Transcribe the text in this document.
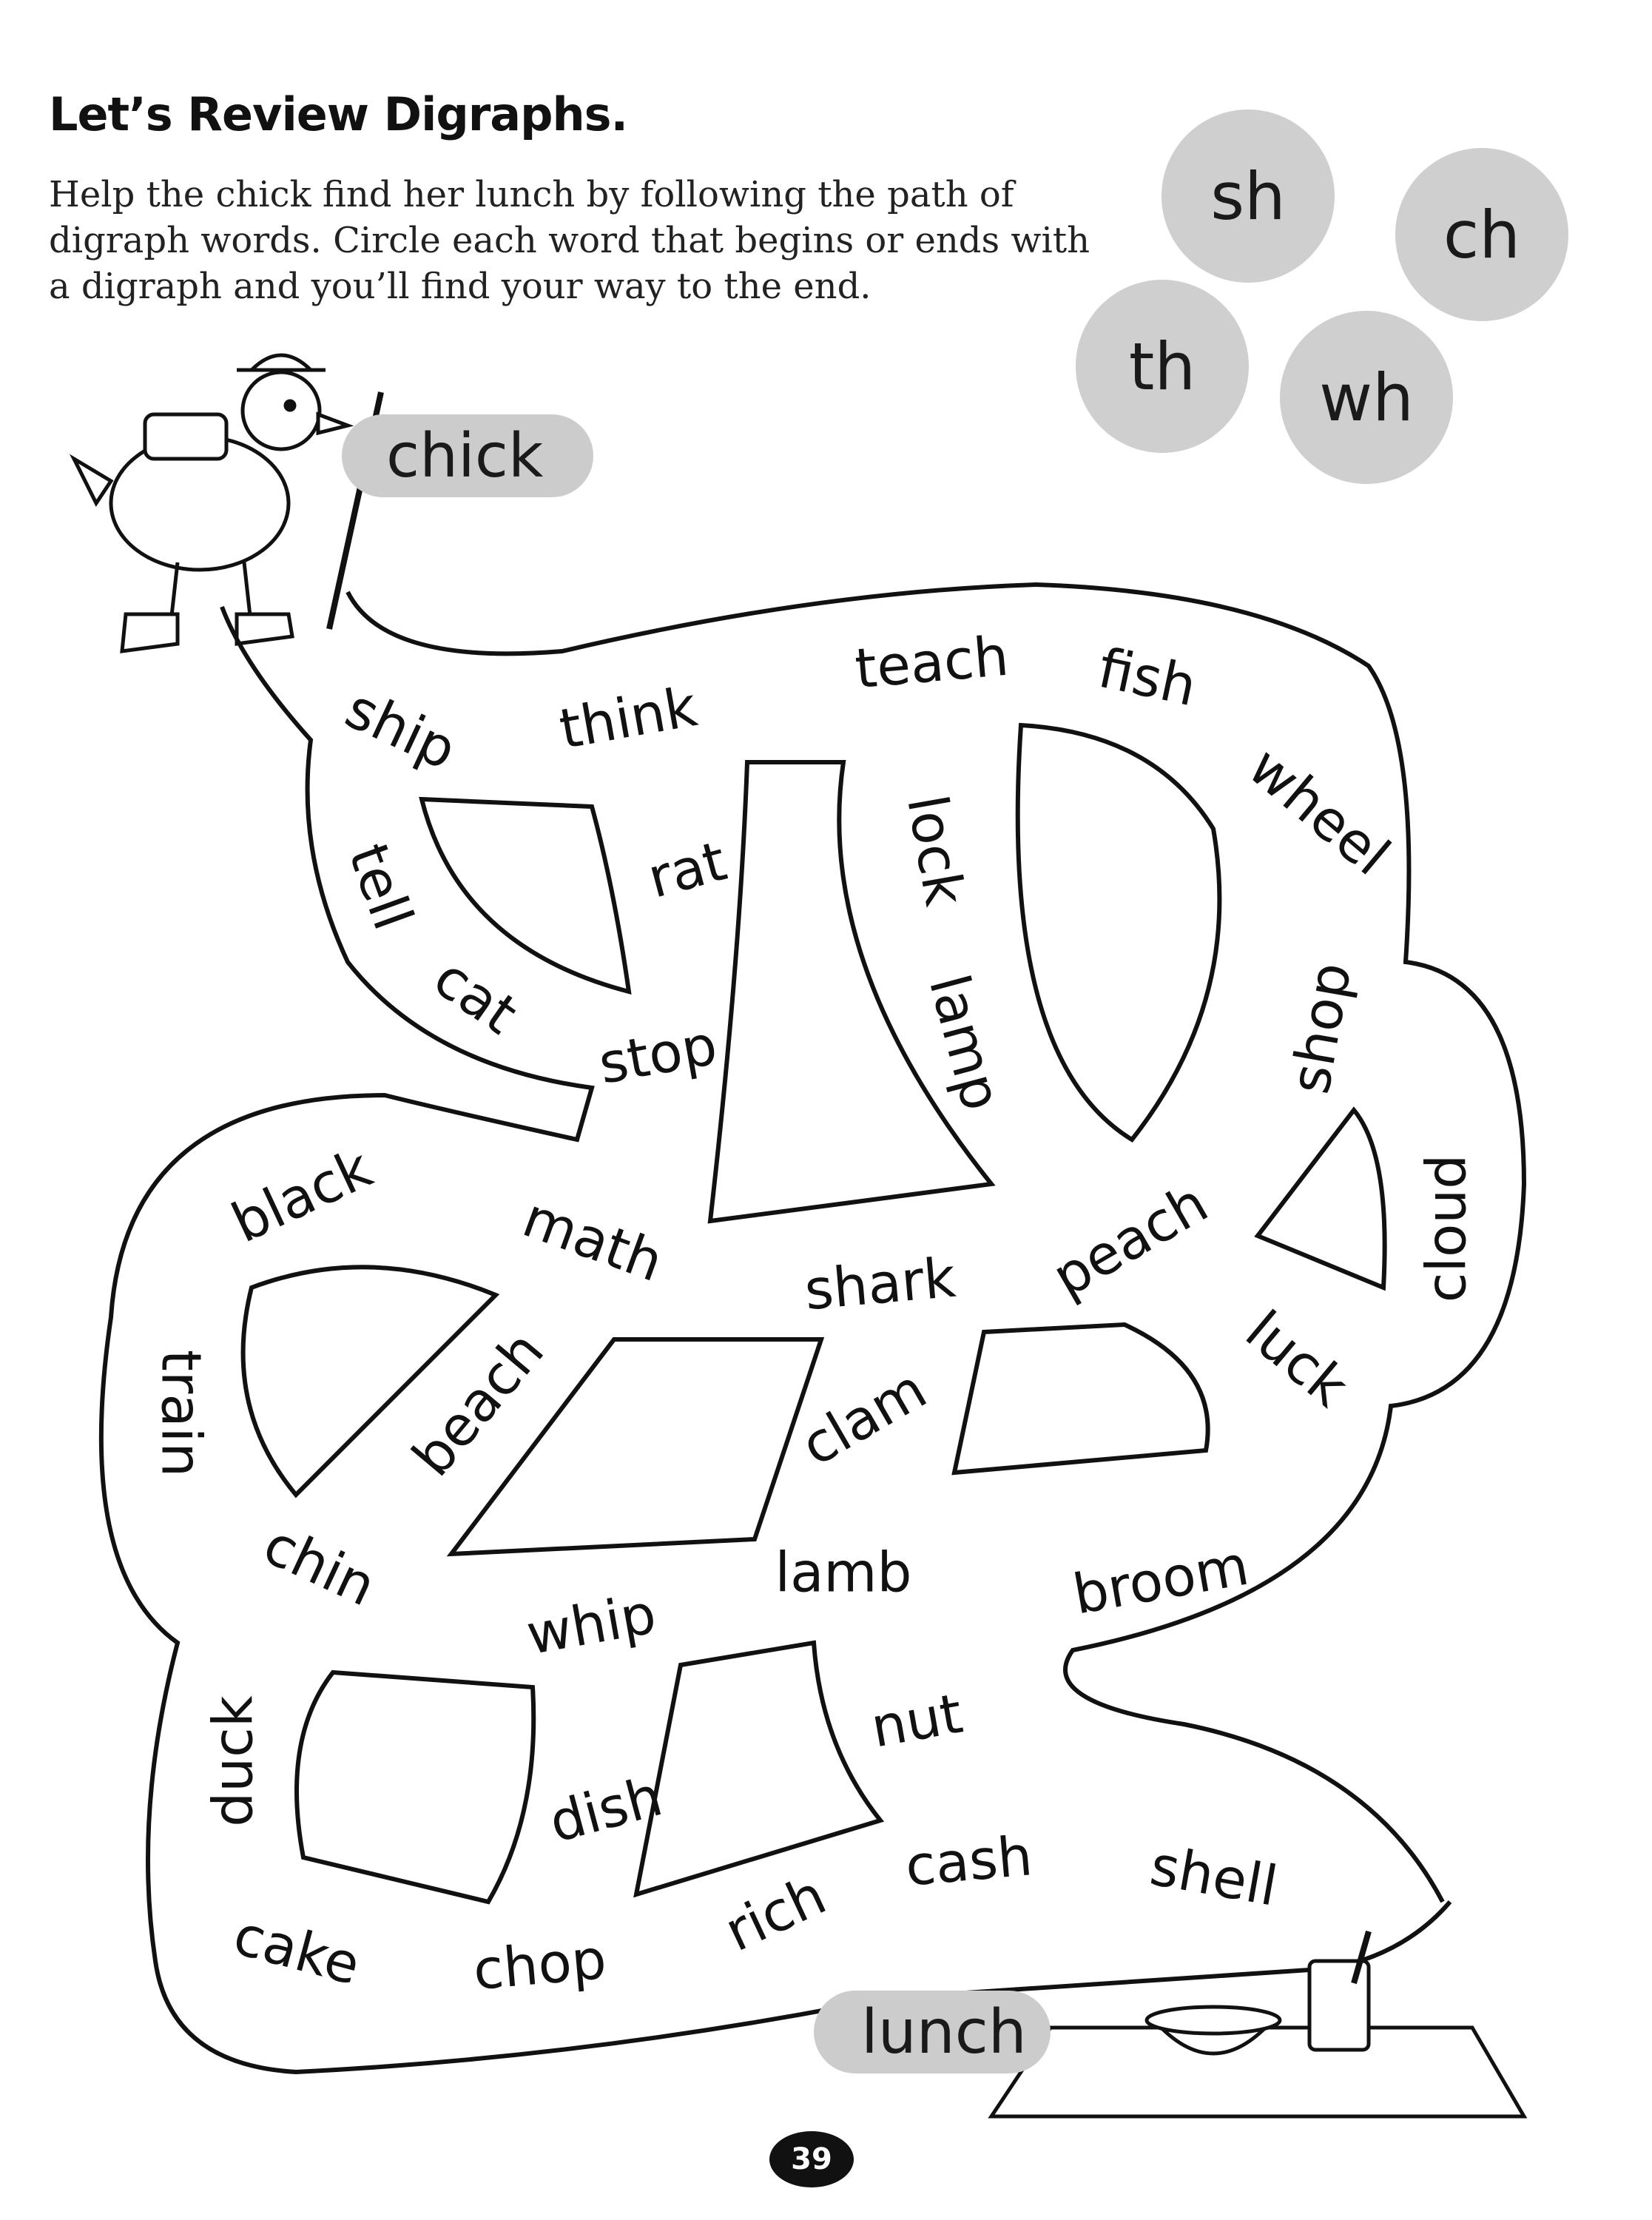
Let’s Review Digraphs.
Help the chick find her lunch by following the path of
digraph words. Circle each word that begins or ends with
a digraph and you’ll find your way to the end.
sh
ch
th	wh
ship think
teach fish
wheel
tell	rat	lock
cat
stop	lamp	shop
cloud
black math shark peach
luck
train	beach	clam
chin
whip
lamb	broom
duck	dish
nut
cake chop
rich
cash shell
chick
lunch
39
